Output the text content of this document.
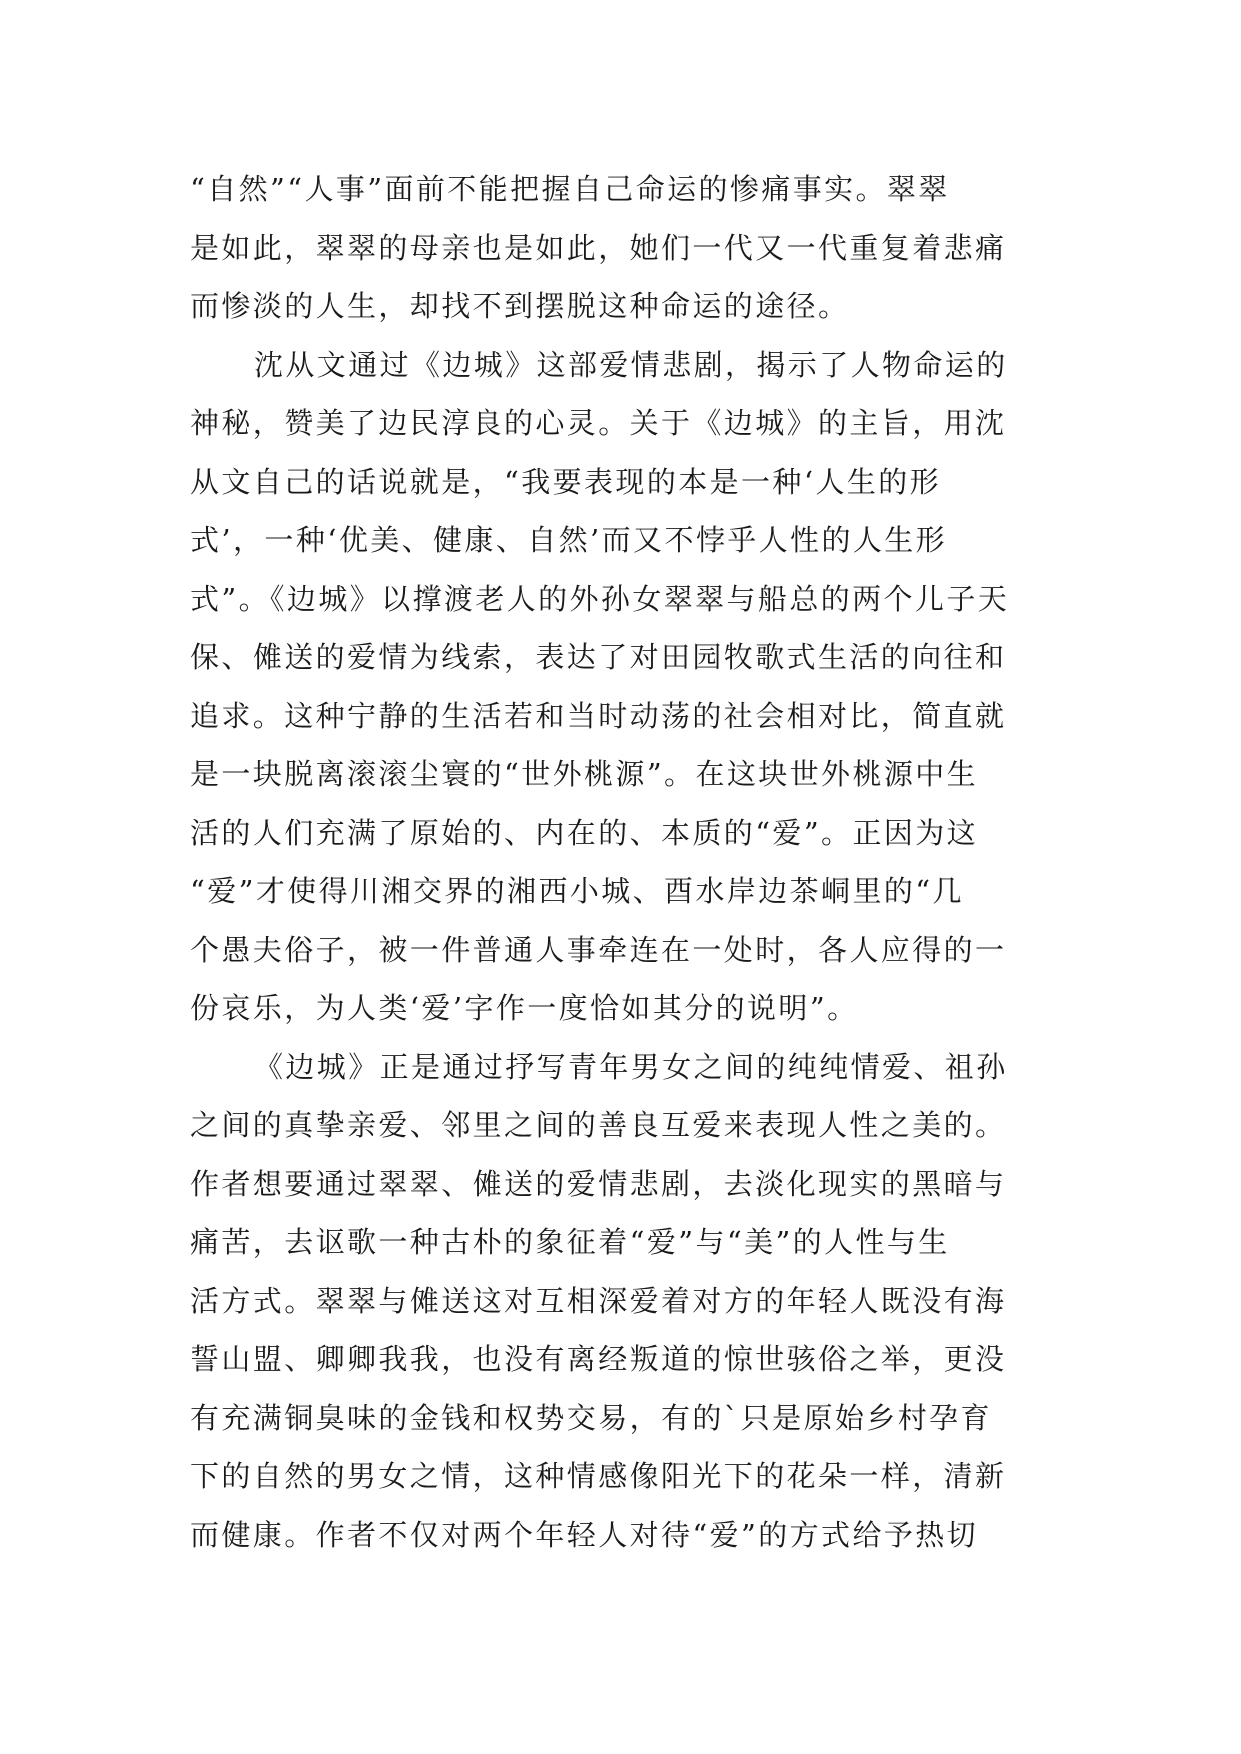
“自然”“人事”面前不能把握自己命运的惨痛事实。翠翠
是如此，翠翠的母亲也是如此，她们一代又一代重复着悲痛
而惨淡的人生，却找不到摆脱这种命运的途径。
沈从文通过《边城》这部爱情悲剧，揭示了人物命运的
神秘，赞美了边民淳良的心灵。关于《边城》的主旨，用沈
从文自己的话说就是，“我要表现的本是一种‘人生的形
式’，一种‘优美、健康、自然’而又不悖乎人性的人生形
式”。《边城》以撑渡老人的外孙女翠翠与船总的两个儿子天
保、傩送的爱情为线索，表达了对田园牧歌式生活的向往和
追求。这种宁静的生活若和当时动荡的社会相对比，简直就
是一块脱离滚滚尘寰的“世外桃源”。在这块世外桃源中生
活的人们充满了原始的、内在的、本质的“爱”。正因为这
“爱”才使得川湘交界的湘西小城、酉水岸边茶峒里的“几
个愚夫俗子，被一件普通人事牵连在一处时，各人应得的一
份哀乐，为人类‘爱’字作一度恰如其分的说明”。
《边城》正是通过抒写青年男女之间的纯纯情爱、祖孙
之间的真挚亲爱、邻里之间的善良互爱来表现人性之美的。
作者想要通过翠翠、傩送的爱情悲剧，去淡化现实的黑暗与
痛苦，去讴歌一种古朴的象征着“爱”与“美”的人性与生
活方式。翠翠与傩送这对互相深爱着对方的年轻人既没有海
誓山盟、卿卿我我，也没有离经叛道的惊世骇俗之举，更没
有充满铜臭味的金钱和权势交易，有的`只是原始乡村孕育
下的自然的男女之情，这种情感像阳光下的花朵一样，清新
而健康。作者不仅对两个年轻人对待“爱”的方式给予热切
